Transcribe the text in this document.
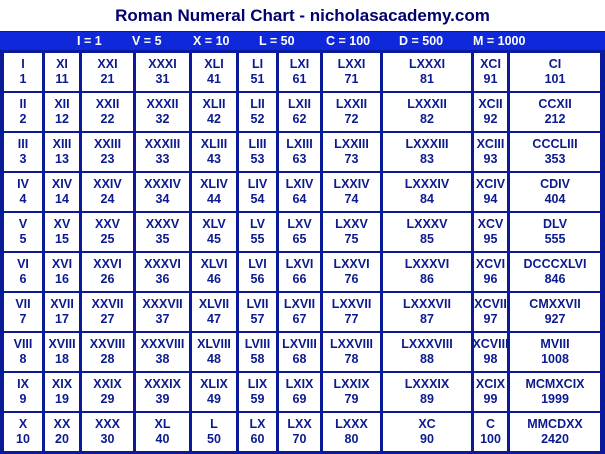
Roman Numeral Chart - nicholasacademy.com
I = 1 V = 5	X = 10 L = 50	C = 100 D = 500 M = 1000
I
1
XI
11
XXI
21
XXXI
31
XLI
41
LI
51
LXI
61
LXXI
71
LXXXI
81
XCI
91
CI
101
II
2
XII
12
XXII
22
XXXII
32
XLII
42
LII
52
LXII
62
LXXII
72
LXXXII
82
XCII
92
CCXII
212
III
3
XIII
13
XXIII
23
XXXIII
33
XLIII
43
LIII
53
LXIII
63
LXXIII
73
LXXXIII
83
XCIII
93
CCCLIII
353
IV
4
XIV
14
XXIV
24
XXXIV
34
XLIV
44
LIV
54
LXIV
64
LXXIV
74
LXXXIV
84
XCIV
94
CDIV
404
V
5
XV
15
XXV
25
XXXV
35
XLV
45
LV
55
LXV
65
LXXV
75
LXXXV
85
XCV
95
DLV
555
VI
6
XVI
16
XXVI
26
XXXVI
36
XLVI
46
LVI
56
LXVI
66
LXXVI
76
LXXXVI
86
XCVI
96
DCCCXLVI
846
VII
7
XVII
17
XXVII
27
XXXVII
37
XLVII
47
LVII
57
LXVII
67
LXXVII
77
LXXXVII
87
XCVII
97
CMXXVII
927
VIII
8
XVIII
18
XXVIII
28
XXXVIII
38
XLVIII
48
LVIII
58
LXVIII
68
LXXVIII
78
LXXXVIII
88
XCVIII
98
MVIII
1008
IX
9
XIX
19
XXIX
29
XXXIX
39
XLIX
49
LIX
59
LXIX
69
LXXIX
79
LXXXIX
89
XCIX
99
MCMXCIX
1999
X
10
XX
20
XXX
30
XL
40
L
50
LX
60
LXX
70
LXXX
80
XC
90
C
100
MMCDXX
2420
